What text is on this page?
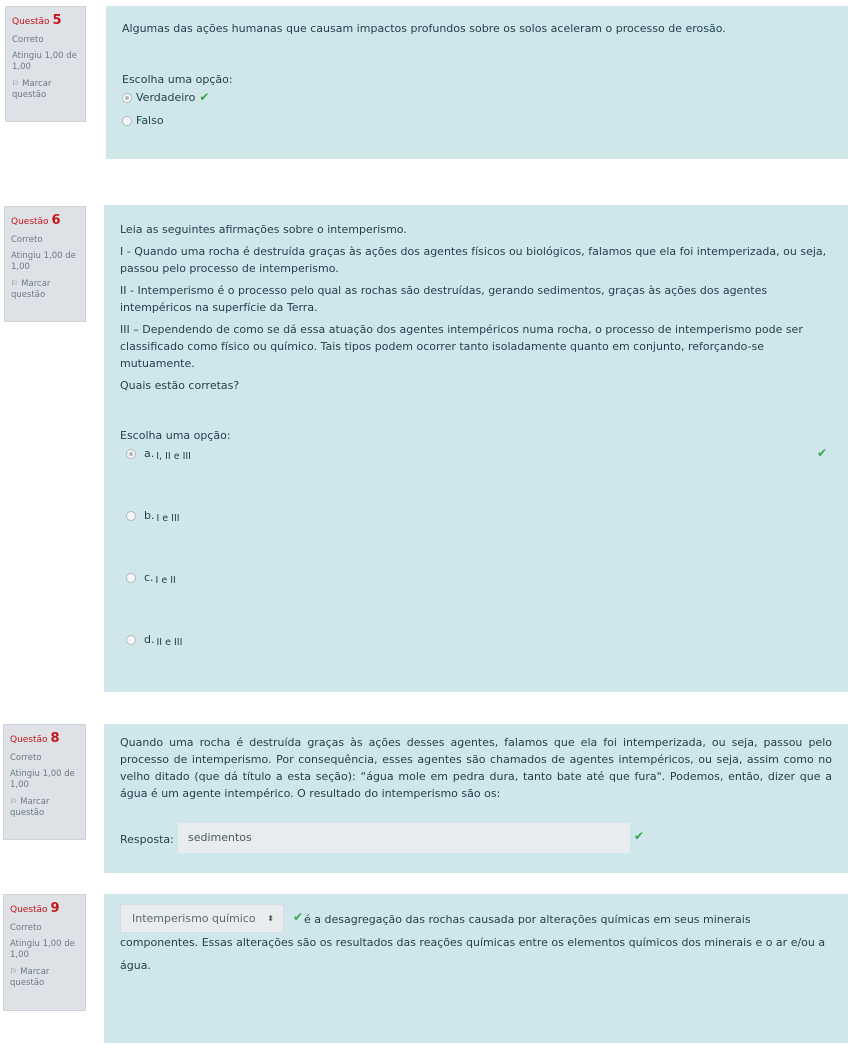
Questão 5
Correto
Atingiu 1,00 de 1,00
⚐ Marcar questão
Algumas das ações humanas que causam impactos profundos sobre os solos aceleram o processo de erosão.
Escolha uma opção:
Verdadeiro ✔
Falso
Questão 6
Correto
Atingiu 1,00 de 1,00
⚐ Marcar questão

Leia as seguintes afirmações sobre o intemperismo.

I - Quando uma rocha é destruída graças às ações dos agentes físicos ou biológicos, falamos que ela foi intemperizada, ou seja, passou pelo processo de intemperismo.

II - Intemperismo é o processo pelo qual as rochas são destruídas, gerando sedimentos, graças às ações dos agentes intempéricos na superfície da Terra.

III – Dependendo de como se dá essa atuação dos agentes intempéricos numa rocha, o processo de intemperismo pode ser classificado como físico ou químico. Tais tipos podem ocorrer tanto isoladamente quanto em conjunto, reforçando-se mutuamente.

Quais estão corretas?

Escolha uma opção:
a. I, II e III	✔
b. I e III
c. I e II
d. II e III
Questão 8
Correto
Atingiu 1,00 de 1,00
⚐ Marcar questão
Quando uma rocha é destruída graças às ações desses agentes, falamos que ela foi intemperizada, ou seja, passou pelo processo de intemperismo. Por consequência, esses agentes são chamados de agentes intempéricos, ou seja, assim como no velho ditado (que dá título a esta seção): “água mole em pedra dura, tanto bate até que fura". Podemos, então, dizer que a água é um agente intempérico. O resultado do intemperismo são os:
Resposta:	sedimentos	✔
Questão 9
Correto
Atingiu 1,00 de 1,00
⚐ Marcar questão
é a desagregação das rochas causada por alterações químicas em seus minerais componentes. Essas alterações são os resultados das reações químicas entre os elementos químicos dos minerais e o ar e/ou a água.
Intemperismo químico ⬍ ✔
